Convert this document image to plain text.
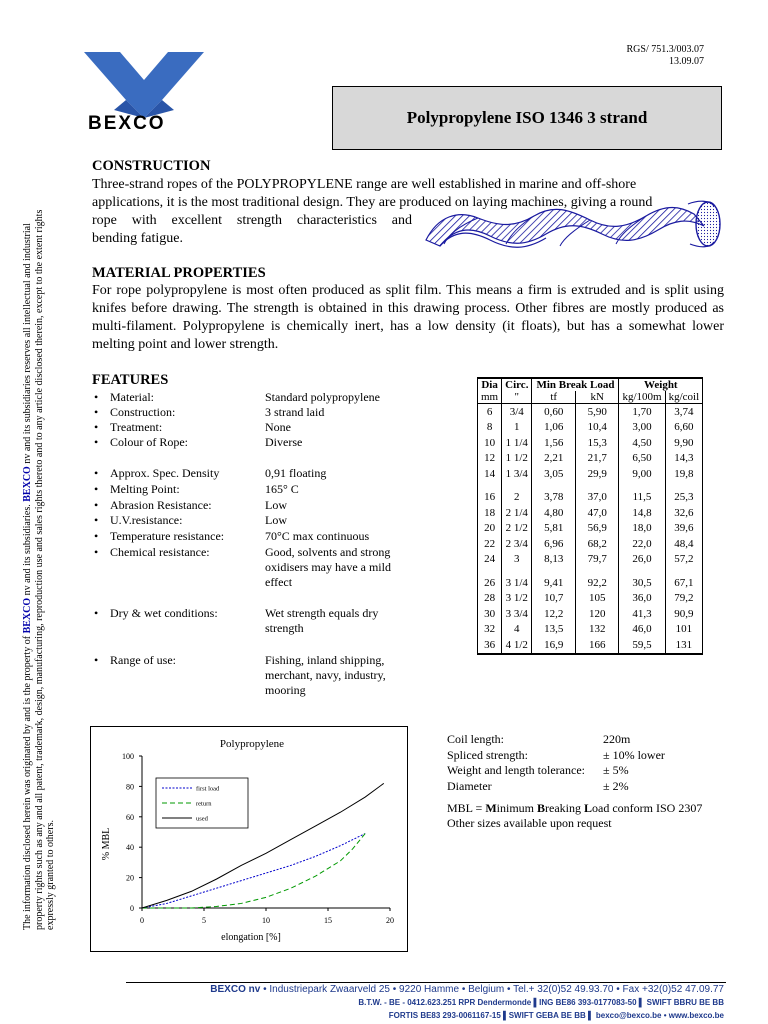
BEXCO
RGS/ 751.3/003.07
13.09.07
Polypropylene ISO 1346 3 strand
The information disclosed herein was originated by and is the property of BEXCO nv and its subsidiaries. BEXCO nv and its subsidiaries reserves all intellectual and industrial property rights such as any and all patent, trademark, design, manufacturing, reproduction use and sales rights thereto and to any article disclosed therein, except to the extent rights expressly granted to others.
CONSTRUCTION

Three-strand ropes of the POLYPROPYLENE range are well established in marine and off-shore

applications, it is the most traditional design. They are produced on laying machines, giving a round

rope with excellent strength characteristics and

bending fatigue.

MATERIAL PROPERTIES

For rope polypropylene is most often produced as split film. This means a firm is extruded and is split using knifes before drawing. The strength is obtained in this drawing process. Other fibres are mostly produced as multi-filament. Polypropylene is chemically inert, has a low density (it floats), but has a somewhat lower melting point and lower strength.

FEATURES
• Material:	Standard polypropylene
• Construction:	3 strand laid
• Treatment:	None
• Colour of Rope:	Diverse
• Approx. Spec. Density	0,91 floating
• Melting Point:	165° C
• Abrasion Resistance:	Low
• U.V.resistance:	Low
• Temperature resistance:	70°C max continuous
• Chemical resistance:	Good, solvents and strong oxidisers may have a mild effect
• Dry & wet conditions:	Wet strength equals dry strength
• Range of use:	Fishing, inland shipping, merchant, navy, industry, mooring
Dia	Circ.	Min Break Load		Weight	
mm	"	tf	kN	kg/100m	kg/coil
6	3/4	0,60	5,90	1,70	3,74
8	1	1,06	10,4	3,00	6,60
10	1 1/4	1,56	15,3	4,50	9,90
12	1 1/2	2,21	21,7	6,50	14,3
14	1 3/4	3,05	29,9	9,00	19,8

16	2	3,78	37,0	11,5	25,3
18	2 1/4	4,80	47,0	14,8	32,6
20	2 1/2	5,81	56,9	18,0	39,6
22	2 3/4	6,96	68,2	22,0	48,4
24	3	8,13	79,7	26,0	57,2

26	3 1/4	9,41	92,2	30,5	67,1
28	3 1/2	10,7	105	36,0	79,2
30	3 3/4	12,2	120	41,3	90,9
32	4	13,5	132	46,0	101
36	4 1/2	16,9	166	59,5	131
Polypropylene
0
20
40
60
80
100
0	5	10	15	20
first load
return
used
elongation [%]
% MBL
Coil length:	220m
Spliced strength:	± 10% lower
Weight and length tolerance: ± 5%
Diameter	± 2%
MBL = Minimum Breaking Load conform ISO 2307
Other sizes available upon request
BEXCO nv • Industriepark Zwaarveld 25 • 9220 Hamme • Belgium • Tel.+ 32(0)52 49.93.70 • Fax +32(0)52 47.09.77
B.T.W. - BE - 0412.623.251 RPR Dendermonde ▌ING BE86 393-0177083-50 ▌ SWIFT BBRU BE BB
FORTIS BE83 293-0061167-15 ▌SWIFT GEBA BE BB ▌ bexco@bexco.be • www.bexco.be
